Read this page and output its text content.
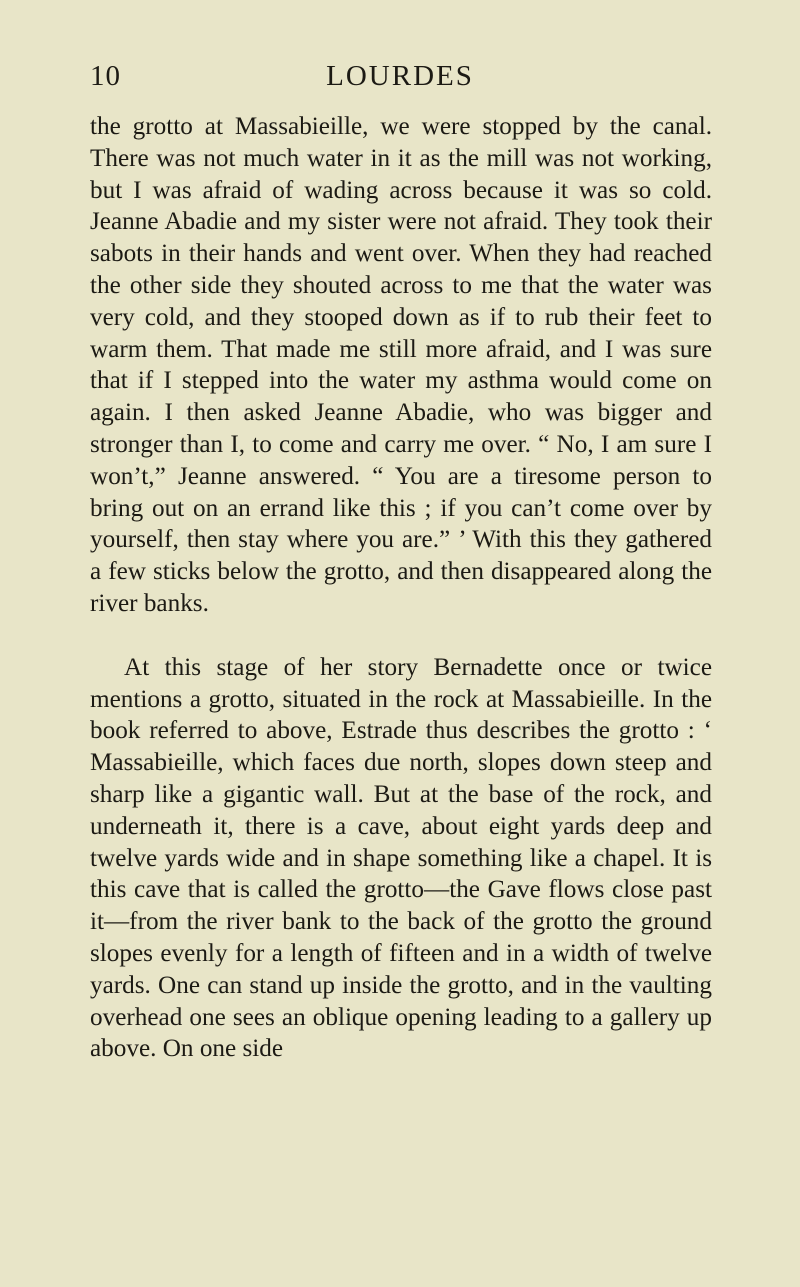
10	LOURDES

the grotto at Massabieille, we were stopped by the canal. There was not much water in it as the mill was not working, but I was afraid of wading across because it was so cold. Jeanne Abadie and my sister were not afraid. They took their sabots in their hands and went over. When they had reached the other side they shouted across to me that the water was very cold, and they stooped down as if to rub their feet to warm them. That made me still more afraid, and I was sure that if I stepped into the water my asthma would come on again. I then asked Jeanne Abadie, who was bigger and stronger than I, to come and carry me over. “ No, I am sure I won’t,” Jeanne answered. “ You are a tiresome person to bring out on an errand like this ; if you can’t come over by yourself, then stay where you are.” ’ With this they gathered a few sticks below the grotto, and then disappeared along the river banks.

At this stage of her story Bernadette once or twice mentions a grotto, situated in the rock at Massabieille. In the book referred to above, Estrade thus describes the grotto : ‘ Massabieille, which faces due north, slopes down steep and sharp like a gigantic wall. But at the base of the rock, and underneath it, there is a cave, about eight yards deep and twelve yards wide and in shape something like a chapel. It is this cave that is called the grotto—the Gave flows close past it—from the river bank to the back of the grotto the ground slopes evenly for a length of fifteen and in a width of twelve yards. One can stand up inside the grotto, and in the vaulting overhead one sees an oblique opening leading to a gallery up above. On one side
